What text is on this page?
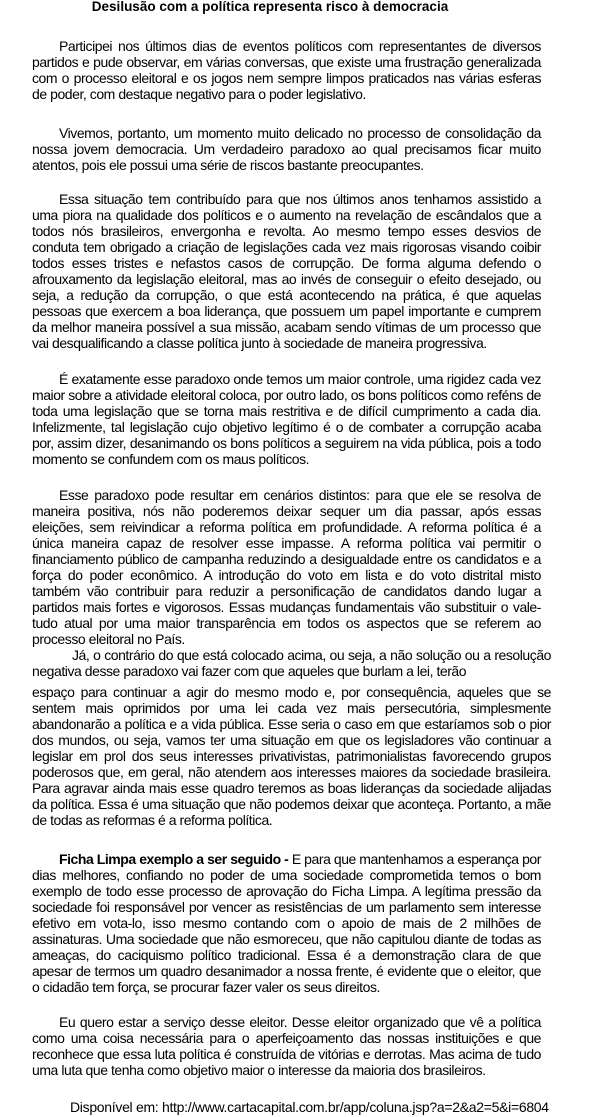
Desilusão com a política representa risco à democracia

Participei nos últimos dias de eventos políticos com representantes de diversos partidos e pude observar, em várias conversas, que existe uma frustração generalizada com o processo eleitoral e os jogos nem sempre limpos praticados nas várias esferas de poder, com destaque negativo para o poder legislativo.

Vivemos, portanto, um momento muito delicado no processo de consolidação da nossa jovem democracia. Um verdadeiro paradoxo ao qual precisamos ficar muito atentos, pois ele possui uma série de riscos bastante preocupantes.

Essa situação tem contribuído para que nos últimos anos tenhamos assistido a uma piora na qualidade dos políticos e o aumento na revelação de escândalos que a todos nós brasileiros, envergonha e revolta. Ao mesmo tempo esses desvios de conduta tem obrigado a criação de legislações cada vez mais rigorosas visando coibir todos esses tristes e nefastos casos de corrupção. De forma alguma defendo o afrouxamento da legislação eleitoral, mas ao invés de conseguir o efeito desejado, ou seja, a redução da corrupção, o que está acontecendo na prática, é que aquelas pessoas que exercem a boa liderança, que possuem um papel importante e cumprem da melhor maneira possível a sua missão, acabam sendo vítimas de um processo que vai desqualificando a classe política junto à sociedade de maneira progressiva.

É exatamente esse paradoxo onde temos um maior controle, uma rigidez cada vez maior sobre a atividade eleitoral coloca, por outro lado, os bons políticos como reféns de toda uma legislação que se torna mais restritiva e de difícil cumprimento a cada dia. Infelizmente, tal legislação cujo objetivo legítimo é o de combater a corrupção acaba por, assim dizer, desanimando os bons políticos a seguirem na vida pública, pois a todo momento se confundem com os maus políticos.

Esse paradoxo pode resultar em cenários distintos: para que ele se resolva de maneira positiva, nós não poderemos deixar sequer um dia passar, após essas eleições, sem reivindicar a reforma política em profundidade. A reforma política é a única maneira capaz de resolver esse impasse. A reforma política vai permitir o financiamento público de campanha reduzindo a desigualdade entre os candidatos e a força do poder econômico. A introdução do voto em lista e do voto distrital misto também vão contribuir para reduzir a personificação de candidatos dando lugar a partidos mais fortes e vigorosos. Essas mudanças fundamentais vão substituir o vale-tudo atual por uma maior transparência em todos os aspectos que se referem ao processo eleitoral no País.

Já, o contrário do que está colocado acima, ou seja, a não solução ou a resolução negativa desse paradoxo vai fazer com que aqueles que burlam a lei, terão

espaço para continuar a agir do mesmo modo e, por consequência, aqueles que se sentem mais oprimidos por uma lei cada vez mais persecutória, simplesmente abandonarão a política e a vida pública. Esse seria o caso em que estaríamos sob o pior dos mundos, ou seja, vamos ter uma situação em que os legisladores vão continuar a legislar em prol dos seus interesses privativistas, patrimonialistas favorecendo grupos poderosos que, em geral, não atendem aos interesses maiores da sociedade brasileira. Para agravar ainda mais esse quadro teremos as boas lideranças da sociedade alijadas da política. Essa é uma situação que não podemos deixar que aconteça. Portanto, a mãe de todas as reformas é a reforma política.

Ficha Limpa exemplo a ser seguido - E para que mantenhamos a esperança por dias melhores, confiando no poder de uma sociedade comprometida temos o bom exemplo de todo esse processo de aprovação do Ficha Limpa. A legítima pressão da sociedade foi responsável por vencer as resistências de um parlamento sem interesse efetivo em vota-lo, isso mesmo contando com o apoio de mais de 2 milhões de assinaturas. Uma sociedade que não esmoreceu, que não capitulou diante de todas as ameaças, do caciquismo político tradicional. Essa é a demonstração clara de que apesar de termos um quadro desanimador a nossa frente, é evidente que o eleitor, que o cidadão tem força, se procurar fazer valer os seus direitos.

Eu quero estar a serviço desse eleitor. Desse eleitor organizado que vê a política como uma coisa necessária para o aperfeiçoamento das nossas instituições e que reconhece que essa luta política é construída de vitórias e derrotas. Mas acima de tudo uma luta que tenha como objetivo maior o interesse da maioria dos brasileiros.

Disponível em: http://www.cartacapital.com.br/app/coluna.jsp?a=2&a2=5&i=6804
